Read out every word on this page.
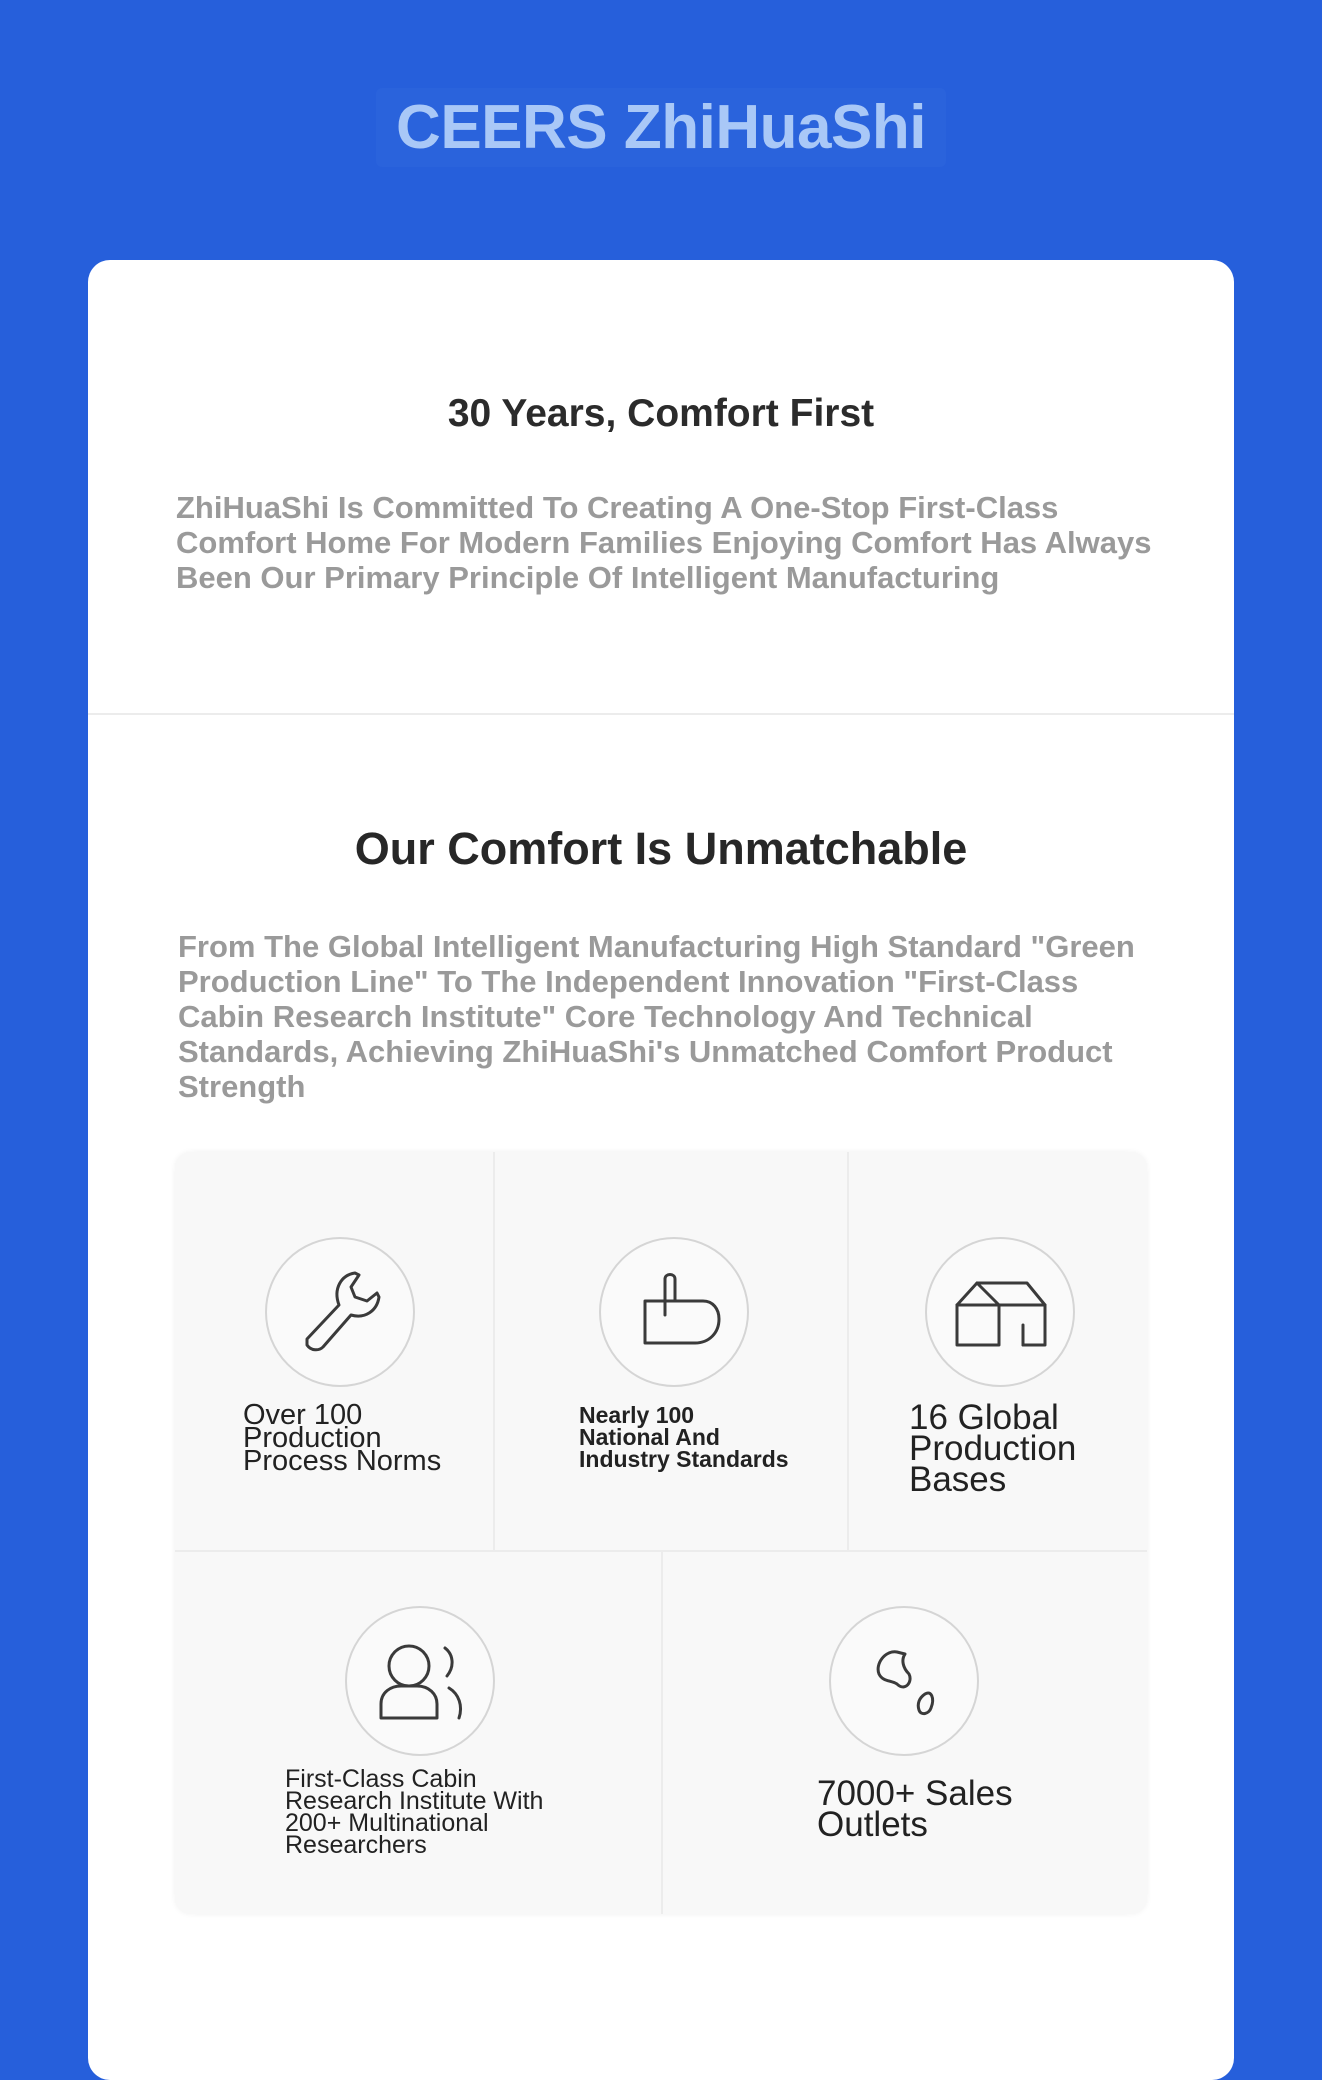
CEERS ZhiHuaShi
30 Years, Comfort First
ZhiHuaShi Is Committed To Creating A One-Stop First-Class Comfort Home For Modern Families Enjoying Comfort Has Always Been Our Primary Principle Of Intelligent Manufacturing
Our Comfort Is Unmatchable
From The Global Intelligent Manufacturing High Standard "Green Production Line" To The Independent Innovation "First-Class Cabin Research Institute" Core Technology And Technical Standards, Achieving ZhiHuaShi's Unmatched Comfort Product Strength
Over 100 Production Process Norms
Nearly 100 National And Industry Standards
16 Global Production Bases
First-Class Cabin Research Institute With 200+ Multinational Researchers
7000+ Sales Outlets
